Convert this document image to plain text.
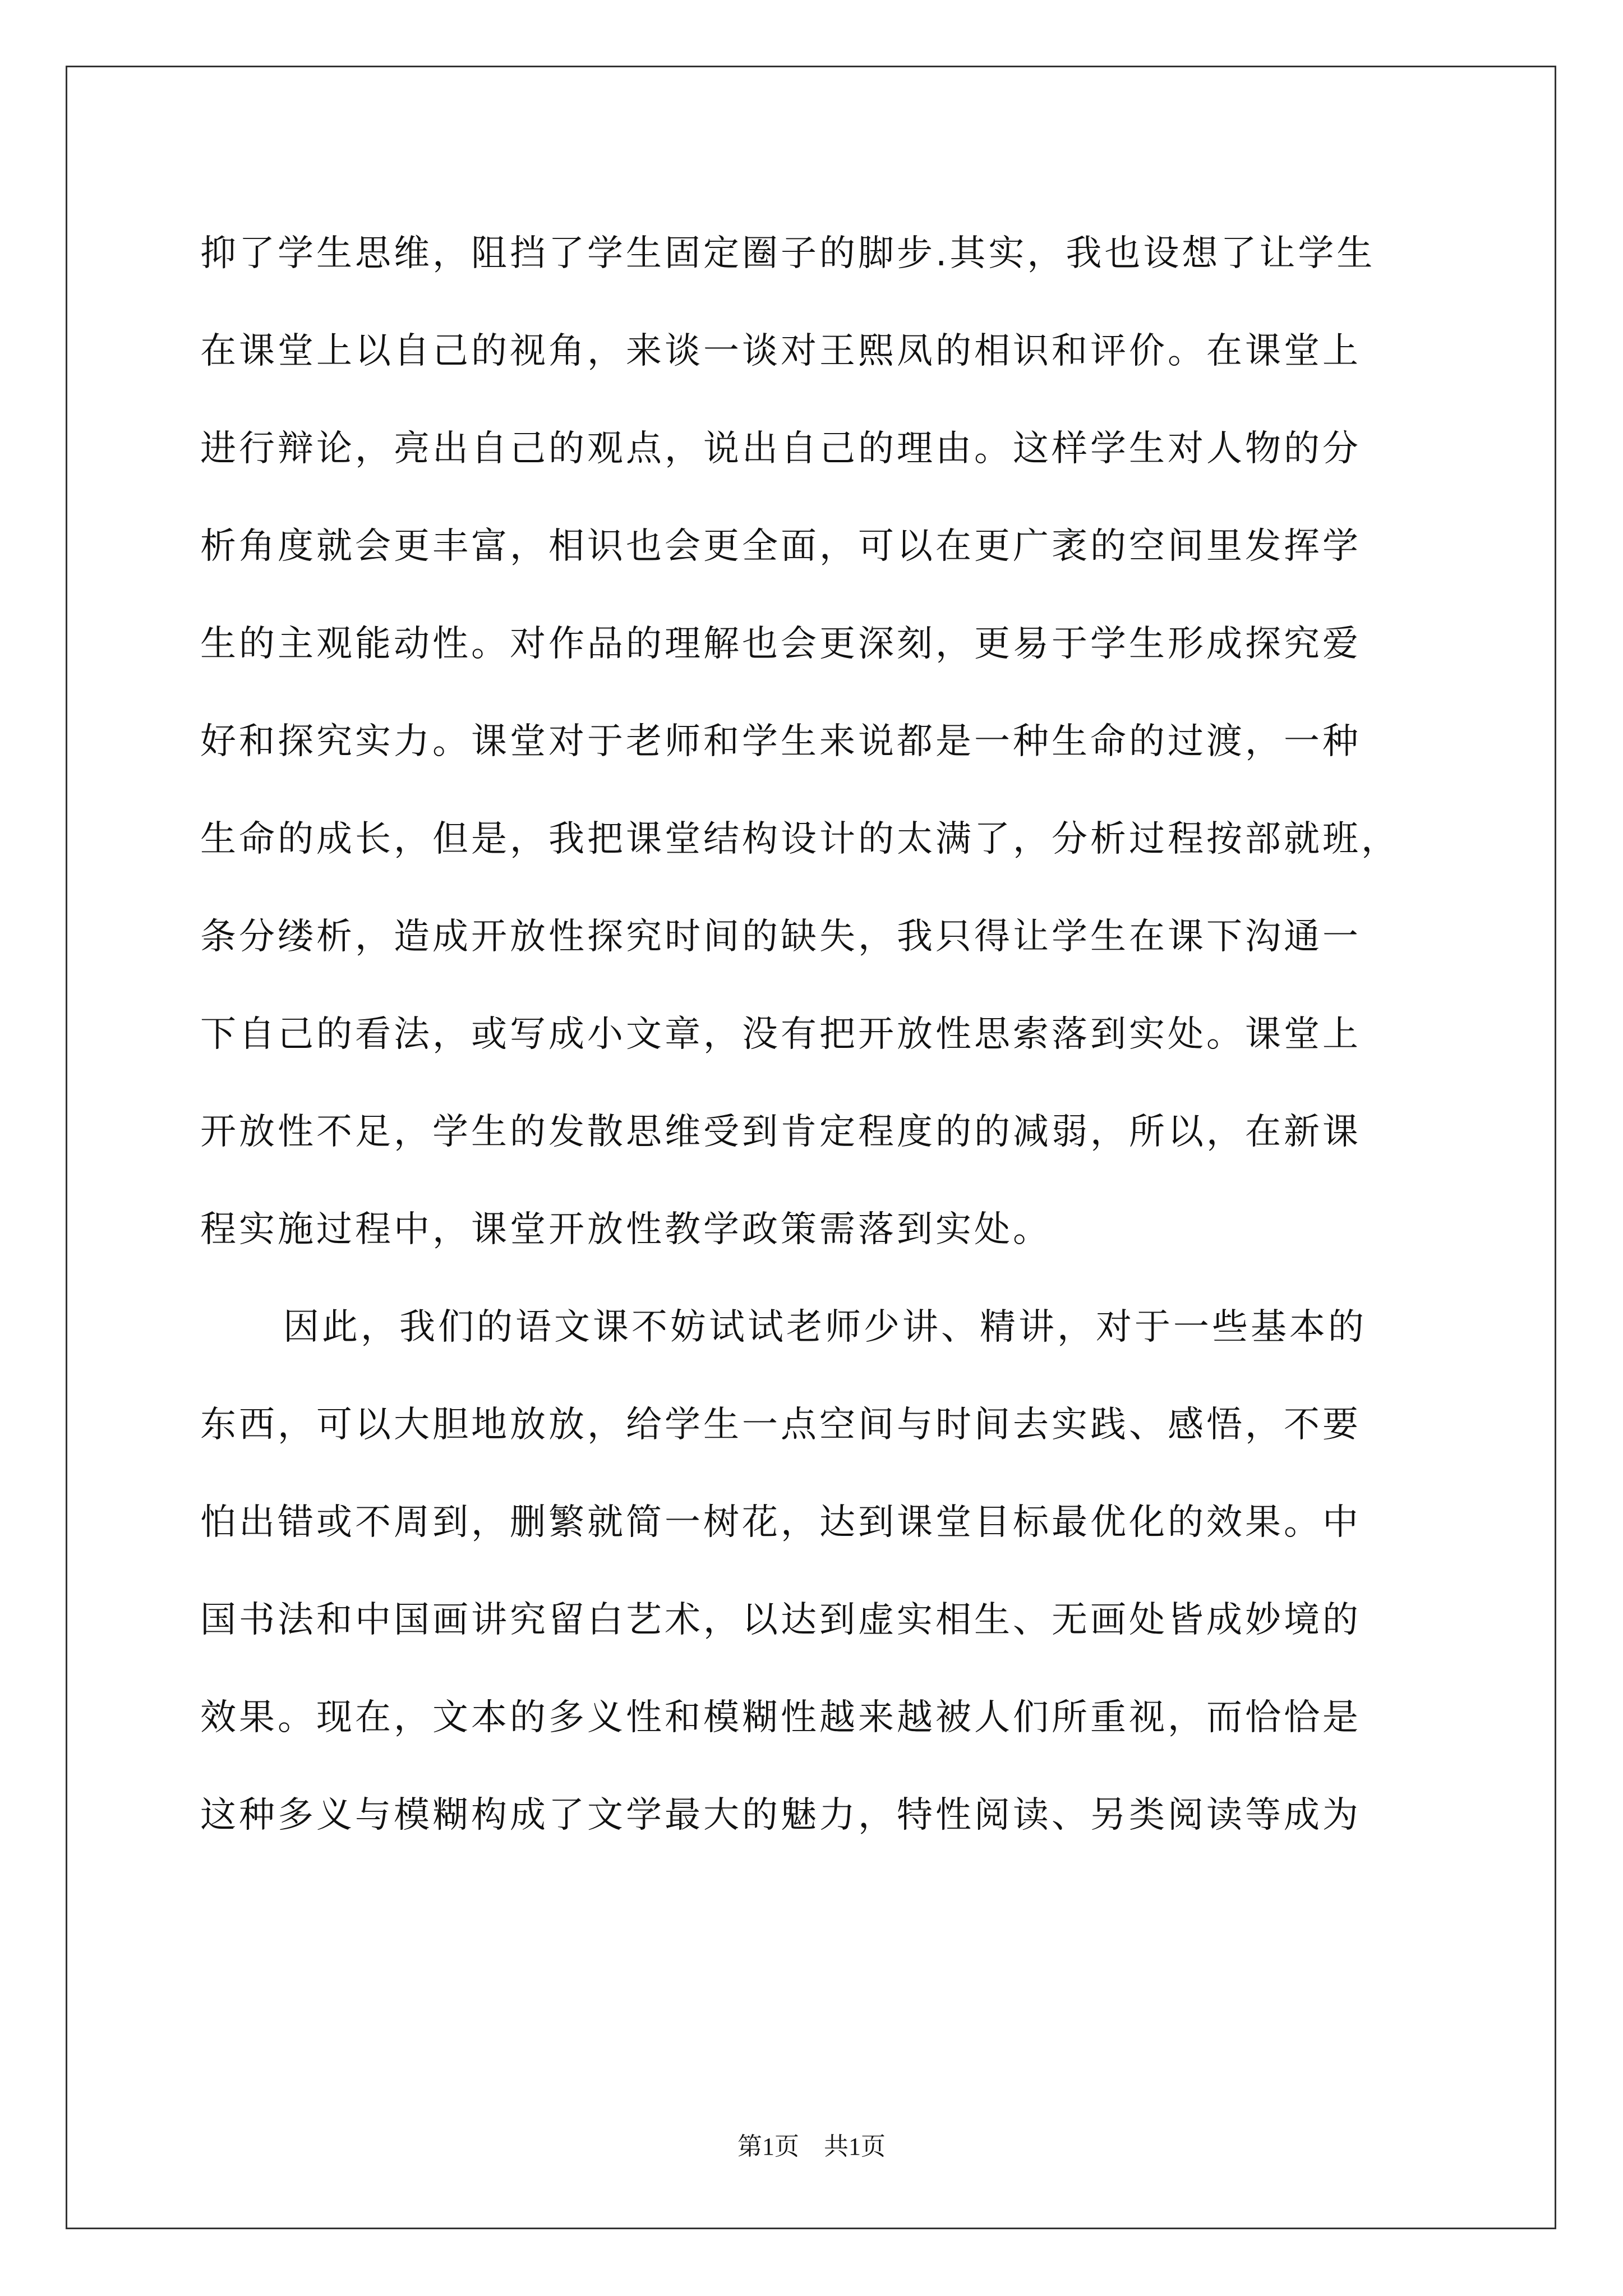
抑了学生思维，阻挡了学生固定圈子的脚步.其实，我也设想了让学生
在课堂上以自己的视角，来谈一谈对王熙凤的相识和评价。在课堂上
进行辩论，亮出自己的观点，说出自己的理由。这样学生对人物的分
析角度就会更丰富，相识也会更全面，可以在更广袤的空间里发挥学
生的主观能动性。对作品的理解也会更深刻，更易于学生形成探究爱
好和探究实力。课堂对于老师和学生来说都是一种生命的过渡，一种
生命的成长，但是，我把课堂结构设计的太满了，分析过程按部就班，
条分缕析，造成开放性探究时间的缺失，我只得让学生在课下沟通一
下自己的看法，或写成小文章，没有把开放性思索落到实处。课堂上
开放性不足，学生的发散思维受到肯定程度的的减弱，所以，在新课
程实施过程中，课堂开放性教学政策需落到实处。
因此，我们的语文课不妨试试老师少讲、精讲，对于一些基本的
东西，可以大胆地放放，给学生一点空间与时间去实践、感悟，不要
怕出错或不周到，删繁就简一树花，达到课堂目标最优化的效果。中
国书法和中国画讲究留白艺术，以达到虚实相生、无画处皆成妙境的
效果。现在，文本的多义性和模糊性越来越被人们所重视，而恰恰是
这种多义与模糊构成了文学最大的魅力，特性阅读、另类阅读等成为
第1页　共1页
